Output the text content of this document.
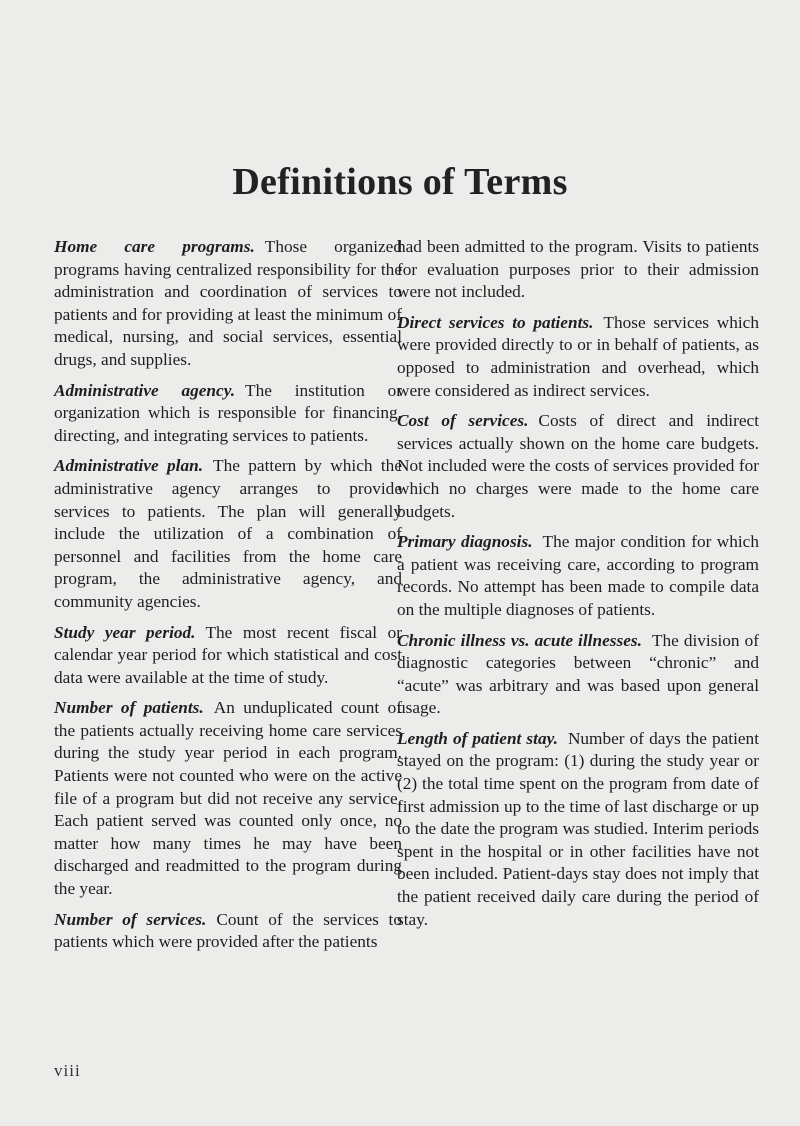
Definitions of Terms

Home care programs. Those organized programs having centralized responsibility for the administration and coordination of services to patients and for providing at least the minimum of medical, nursing, and social services, essential drugs, and supplies.

Administrative agency. The institution or organization which is responsible for financing, directing, and integrating services to patients.

Administrative plan. The pattern by which the administrative agency arranges to provide services to patients. The plan will generally include the utilization of a combination of personnel and facilities from the home care program, the administrative agency, and community agencies.

Study year period. The most recent fiscal or calendar year period for which statistical and cost data were available at the time of study.

Number of patients. An unduplicated count of the patients actually receiving home care services during the study year period in each program. Patients were not counted who were on the active file of a program but did not receive any service. Each patient served was counted only once, no matter how many times he may have been discharged and readmitted to the program during the year.

Number of services. Count of the services to patients which were provided after the patients

had been admitted to the program. Visits to patients for evaluation purposes prior to their admission were not included.

Direct services to patients. Those services which were provided directly to or in behalf of patients, as opposed to administration and overhead, which were considered as indirect services.

Cost of services. Costs of direct and indirect services actually shown on the home care budgets. Not included were the costs of services provided for which no charges were made to the home care budgets.

Primary diagnosis. The major condition for which a patient was receiving care, according to program records. No attempt has been made to compile data on the multiple diagnoses of patients.

Chronic illness vs. acute illnesses. The division of diagnostic categories between “chronic” and “acute” was arbitrary and was based upon general usage.

Length of patient stay. Number of days the patient stayed on the program: (1) during the study year or (2) the total time spent on the program from date of first admission up to the time of last discharge or up to the date the program was studied. Interim periods spent in the hospital or in other facilities have not been included. Patient-days stay does not imply that the patient received daily care during the period of stay.

viii
